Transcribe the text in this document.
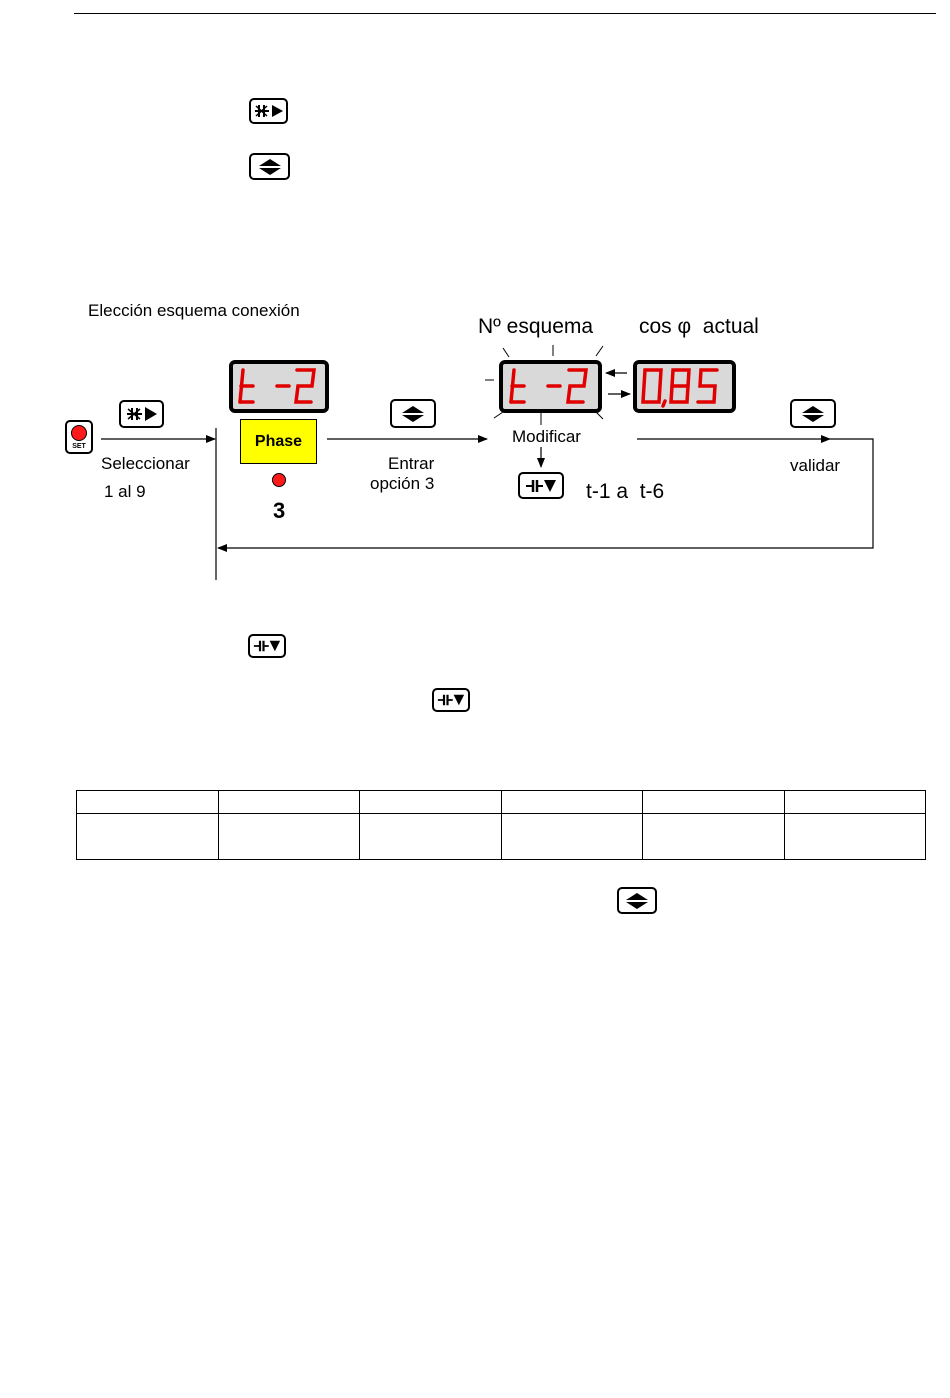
Phase
3
SET
Elección esquema conexión
Nº esquema cos φ  actual
Modificar
t-1 a  t-6
Seleccionar
1 al 9
Entrar
opción 3
validar
